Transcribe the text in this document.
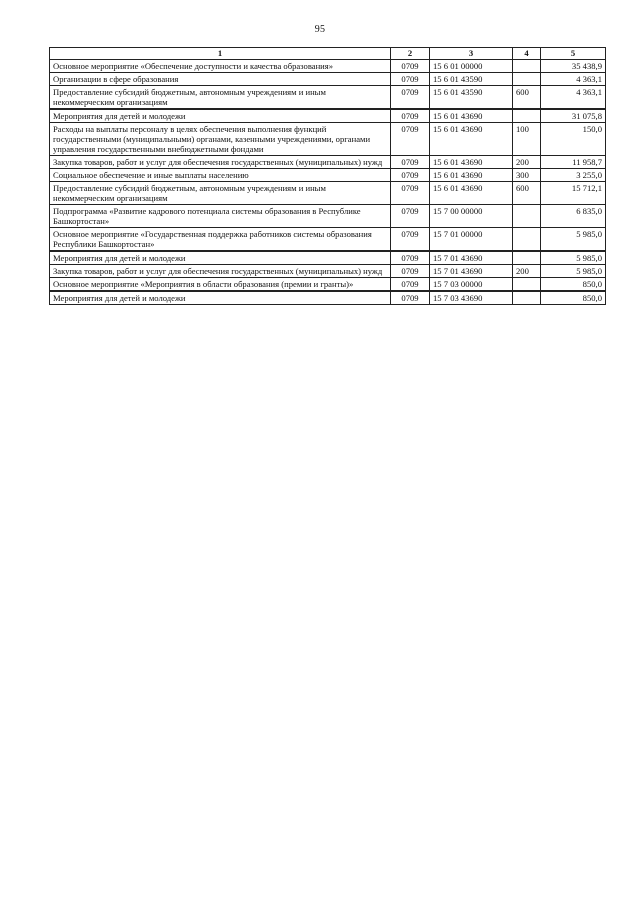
95
1	2	3	4	5
Основное мероприятие «Обеспечение доступности и качества образования»	0709	15 6 01 00000		35 438,9
Организации в сфере образования	0709	15 6 01 43590		4 363,1
Предоставление субсидий бюджетным, автономным учреждениям и иным некоммерческим организациям	0709	15 6 01 43590	600	4 363,1
Мероприятия для детей и молодежи	0709	15 6 01 43690		31 075,8
Расходы на выплаты персоналу в целях обеспечения выполнения функций государственными (муниципальными) органами, казенными учреждениями, органами управления государственными внебюджетными фондами	0709	15 6 01 43690	100	150,0
Закупка товаров, работ и услуг для обеспечения государственных (муниципальных) нужд	0709	15 6 01 43690	200	11 958,7
Социальное обеспечение и иные выплаты населению	0709	15 6 01 43690	300	3 255,0
Предоставление субсидий бюджетным, автономным учреждениям и иным некоммерческим организациям	0709	15 6 01 43690	600	15 712,1
Подпрограмма «Развитие кадрового потенциала системы образования в Республике Башкортостан»	0709	15 7 00 00000		6 835,0
Основное мероприятие «Государственная поддержка работников системы образования Республики Башкортостан»	0709	15 7 01 00000		5 985,0
Мероприятия для детей и молодежи	0709	15 7 01 43690		5 985,0
Закупка товаров, работ и услуг для обеспечения государственных (муниципальных) нужд	0709	15 7 01 43690	200	5 985,0
Основное мероприятие «Мероприятия в области образования (премии и гранты)»	0709	15 7 03 00000		850,0
Мероприятия для детей и молодежи	0709	15 7 03 43690		850,0
